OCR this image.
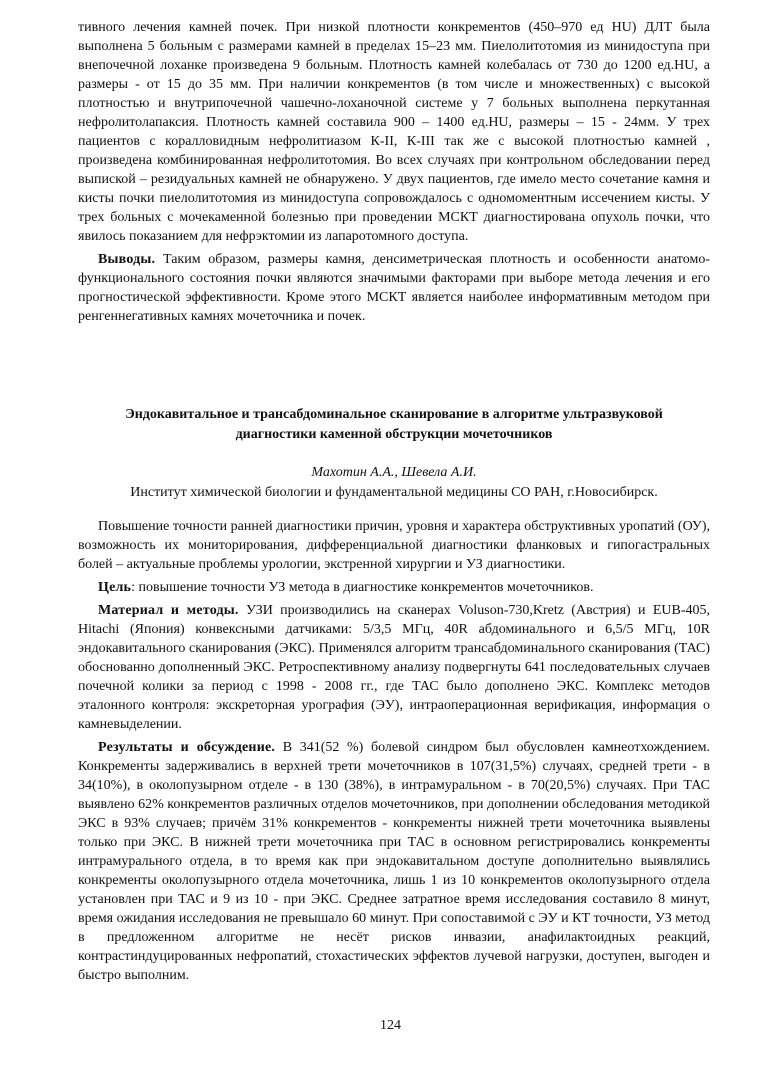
тивного лечения камней почек. При низкой плотности конкрементов (450–970 ед HU) ДЛТ была выполнена 5 больным с размерами камней в пределах 15–23 мм. Пиелолитотомия из минидоступа при внепочечной лоханке произведена 9 больным. Плотность камней колебалась от 730 до 1200 ед.HU, а размеры - от 15 до 35 мм. При наличии конкрементов (в том числе и множественных) с высокой плотностью и внутрипочечной чашечно-лоханочной системе у 7 больных выполнена перкутанная нефролитолапаксия. Плотность камней составила 900 – 1400 ед.HU, размеры – 15 - 24мм. У трех пациентов с коралловидным нефролитиазом К-II, К-III так же с высокой плотностью камней , произведена комбинированная нефролитотомия. Во всех случаях при контрольном обследовании перед выпиской – резидуальных камней не обнаружено. У двух пациентов, где имело место сочетание камня и кисты почки пиелолитотомия из минидоступа сопровождалось с одномоментным иссечением кисты. У трех больных с мочекаменной болезнью при проведении МСКТ диагностирована опухоль почки, что явилось показанием для нефрэктомии из лапаротомного доступа.

Выводы. Таким образом, размеры камня, денсиметрическая плотность и особенности анатомо-функционального состояния почки являются значимыми факторами при выборе метода лечения и его прогностической эффективности. Кроме этого МСКТ является наиболее информативным методом при ренгеннегативных камнях мочеточника и почек.

Эндокавитальное и трансабдоминальное сканирование в алгоритме ультразвуковой
диагностики каменной обструкции мочеточников
Махотин А.А., Шевела А.И.
Институт химической биологии и фундаментальной медицины СО РАН, г.Новосибирск.

Повышение точности ранней диагностики причин, уровня и характера обструктивных уропатий (ОУ), возможность их мониторирования, дифференциальной диагностики фланковых и гипогастральных болей – актуальные проблемы урологии, экстренной хирургии и УЗ диагностики.

Цель: повышение точности УЗ метода в диагностике конкрементов мочеточников.

Материал и методы. УЗИ производились на сканерах Voluson-730,Kretz (Австрия) и EUB-405, Hitachi (Япония) конвексными датчиками: 5/3,5 МГц, 40R абдоминального и 6,5/5 МГц, 10R эндокавитального сканирования (ЭКС). Применялся алгоритм трансабдоминального сканирования (ТАС) обоснованно дополненный ЭКС. Ретроспективному анализу подвергнуты 641 последовательных случаев почечной колики за период с 1998 - 2008 гг., где ТАС было дополнено ЭКС. Комплекс методов эталонного контроля: экскреторная урография (ЭУ), интраоперационная верификация, информация о камневыделении.

Результаты и обсуждение. В 341(52 %) болевой синдром был обусловлен камнеотхождением. Конкременты задерживались в верхней трети мочеточников в 107(31,5%) случаях, средней трети - в 34(10%), в околопузырном отделе - в 130 (38%), в интрамуральном - в 70(20,5%) случаях. При ТАС выявлено 62% конкрементов различных отделов мочеточников, при дополнении обследования методикой ЭКС в 93% случаев; причём 31% конкрементов - конкременты нижней трети мочеточника выявлены только при ЭКС. В нижней трети мочеточника при ТАС в основном регистрировались конкременты интрамурального отдела, в то время как при эндокавитальном доступе дополнительно выявлялись конкременты околопузырного отдела мочеточника, лишь 1 из 10 конкрементов околопузырного отдела установлен при ТАС и 9 из 10 - при ЭКС. Среднее затратное время исследования составило 8 минут, время ожидания исследования не превышало 60 минут. При сопоставимой с ЭУ и КТ точности, УЗ метод в предложенном алгоритме не несёт рисков инвазии, анафилактоидных реакций, контрастиндуцированных нефропатий, стохастических эффектов лучевой нагрузки, доступен, выгоден и быстро выполним.

124
